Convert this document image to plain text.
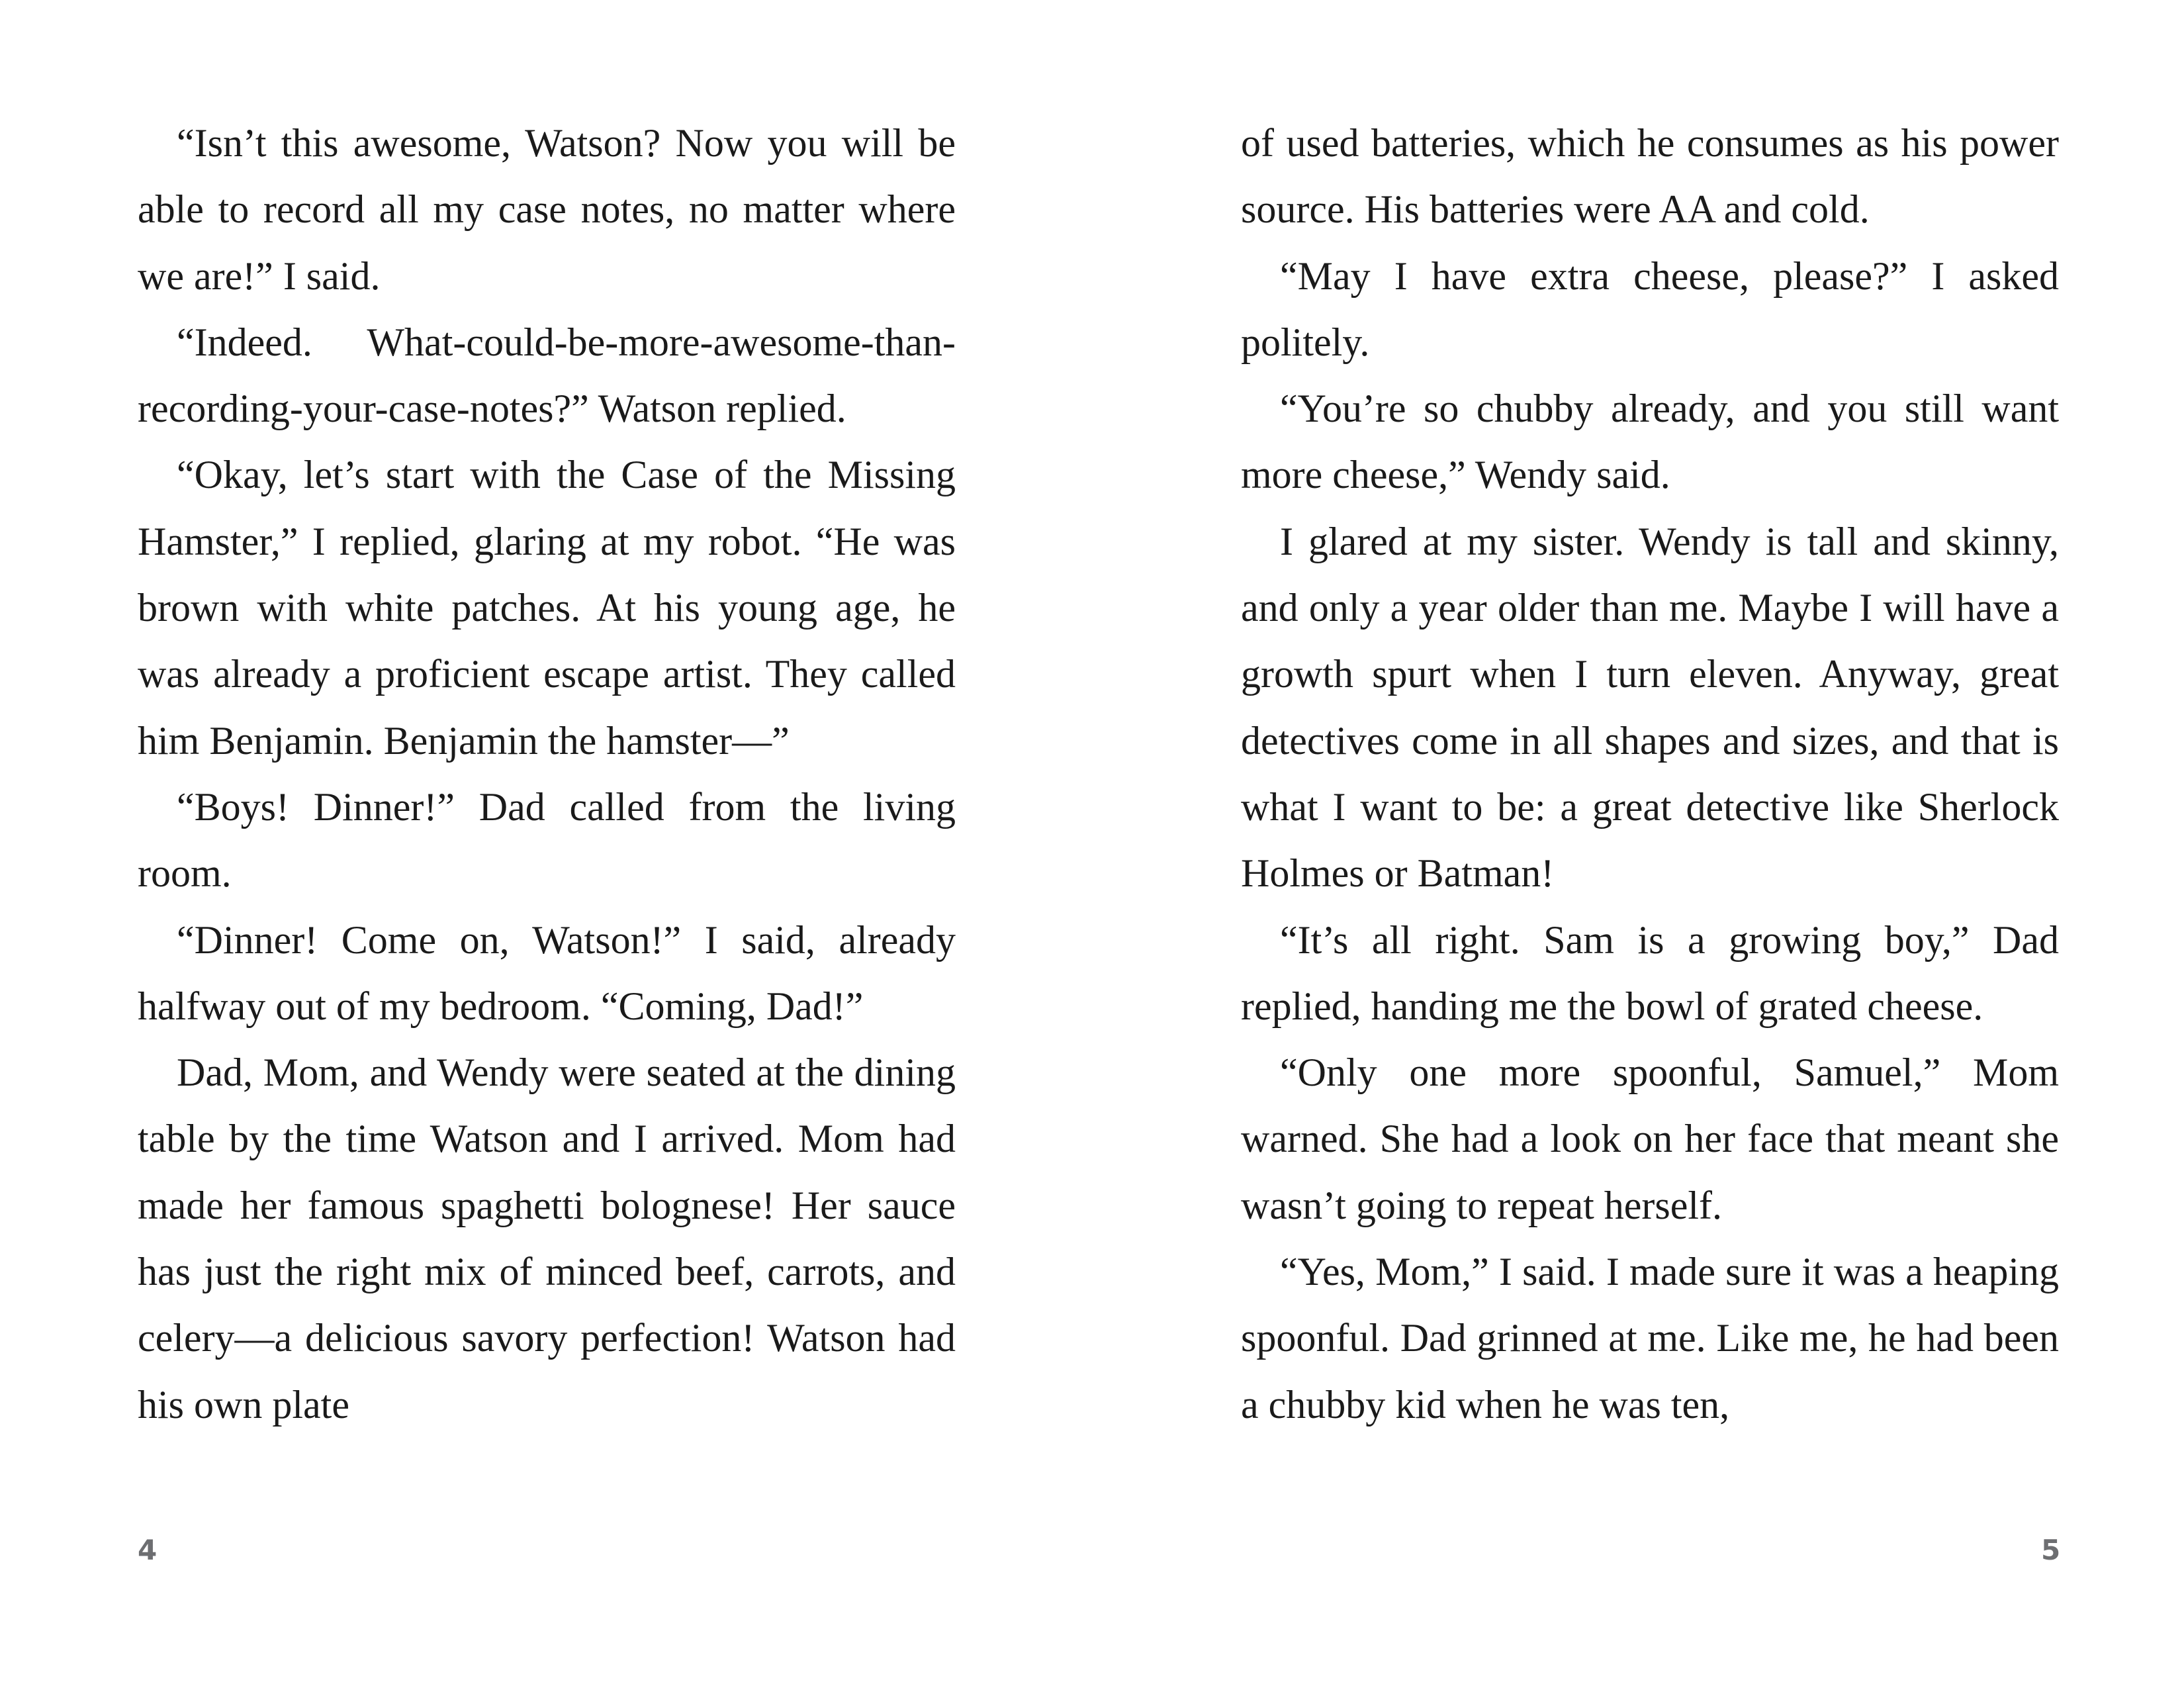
“Isn’t this awesome, Watson? Now you will be able to record all my case notes, no matter where we are!” I said.

“Indeed. What-could-be-more-awesome-than-recording-your-case-notes?” Watson replied.

“Okay, let’s start with the Case of the Missing Hamster,” I replied, glaring at my robot. “He was brown with white patches. At his young age, he was already a proficient escape artist. They called him Benjamin. Benjamin the hamster—”

“Boys! Dinner!” Dad called from the living room.

“Dinner! Come on, Watson!” I said, already halfway out of my bedroom. “Coming, Dad!”

Dad, Mom, and Wendy were seated at the dining table by the time Watson and I arrived. Mom had made her famous spaghetti bolognese! Her sauce has just the right mix of minced beef, carrots, and celery—a delicious savory perfection! Watson had his own plate

4

of used batteries, which he consumes as his power source. His batteries were AA and cold.

“May I have extra cheese, please?” I asked politely.

“You’re so chubby already, and you still want more cheese,” Wendy said.

I glared at my sister. Wendy is tall and skinny, and only a year older than me. Maybe I will have a growth spurt when I turn eleven. Anyway, great detectives come in all shapes and sizes, and that is what I want to be: a great detective like Sherlock Holmes or Batman!

“It’s all right. Sam is a growing boy,” Dad replied, handing me the bowl of grated cheese.

“Only one more spoonful, Samuel,” Mom warned. She had a look on her face that meant she wasn’t going to repeat herself.

“Yes, Mom,” I said. I made sure it was a heaping spoonful. Dad grinned at me. Like me, he had been a chubby kid when he was ten,

5
